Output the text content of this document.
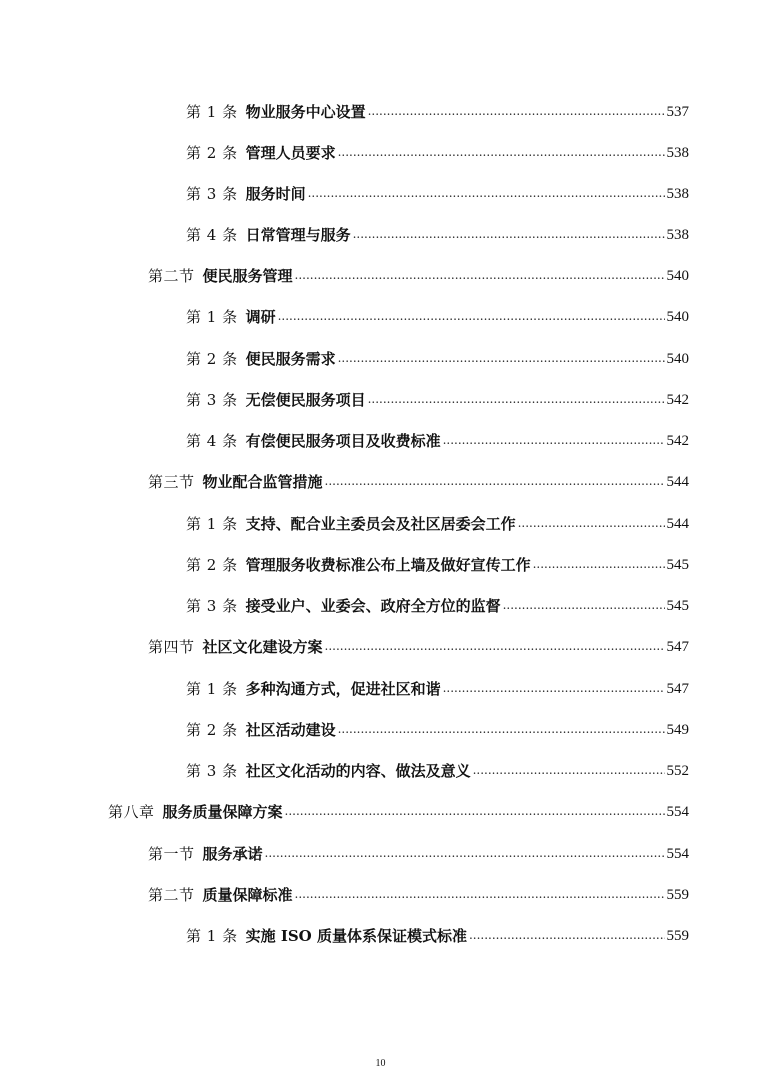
第 1 条 物业服务中心设置 .....	537
第 2 条 管理人员要求 .....	538
第 3 条 服务时间 .....	538
第 4 条 日常管理与服务 .....	538
第二节 便民服务管理 .....	540
第 1 条 调研 .....	540
第 2 条 便民服务需求 .....	540
第 3 条 无偿便民服务项目 .....	542
第 4 条 有偿便民服务项目及收费标准 .....	542
第三节 物业配合监管措施 .....	544
第 1 条 支持、配合业主委员会及社区居委会工作 .....	544
第 2 条 管理服务收费标准公布上墙及做好宣传工作 .....	545
第 3 条 接受业户、业委会、政府全方位的监督 .....	545
第四节 社区文化建设方案 .....	547
第 1 条 多种沟通方式，促进社区和谐 .....	547
第 2 条 社区活动建设 .....	549
第 3 条 社区文化活动的内容、做法及意义 .....	552
第八章 服务质量保障方案 .....	554
第一节 服务承诺 .....	554
第二节 质量保障标准 .....	559
第 1 条 实施 ISO 质量体系保证模式标准 .....	559
10
